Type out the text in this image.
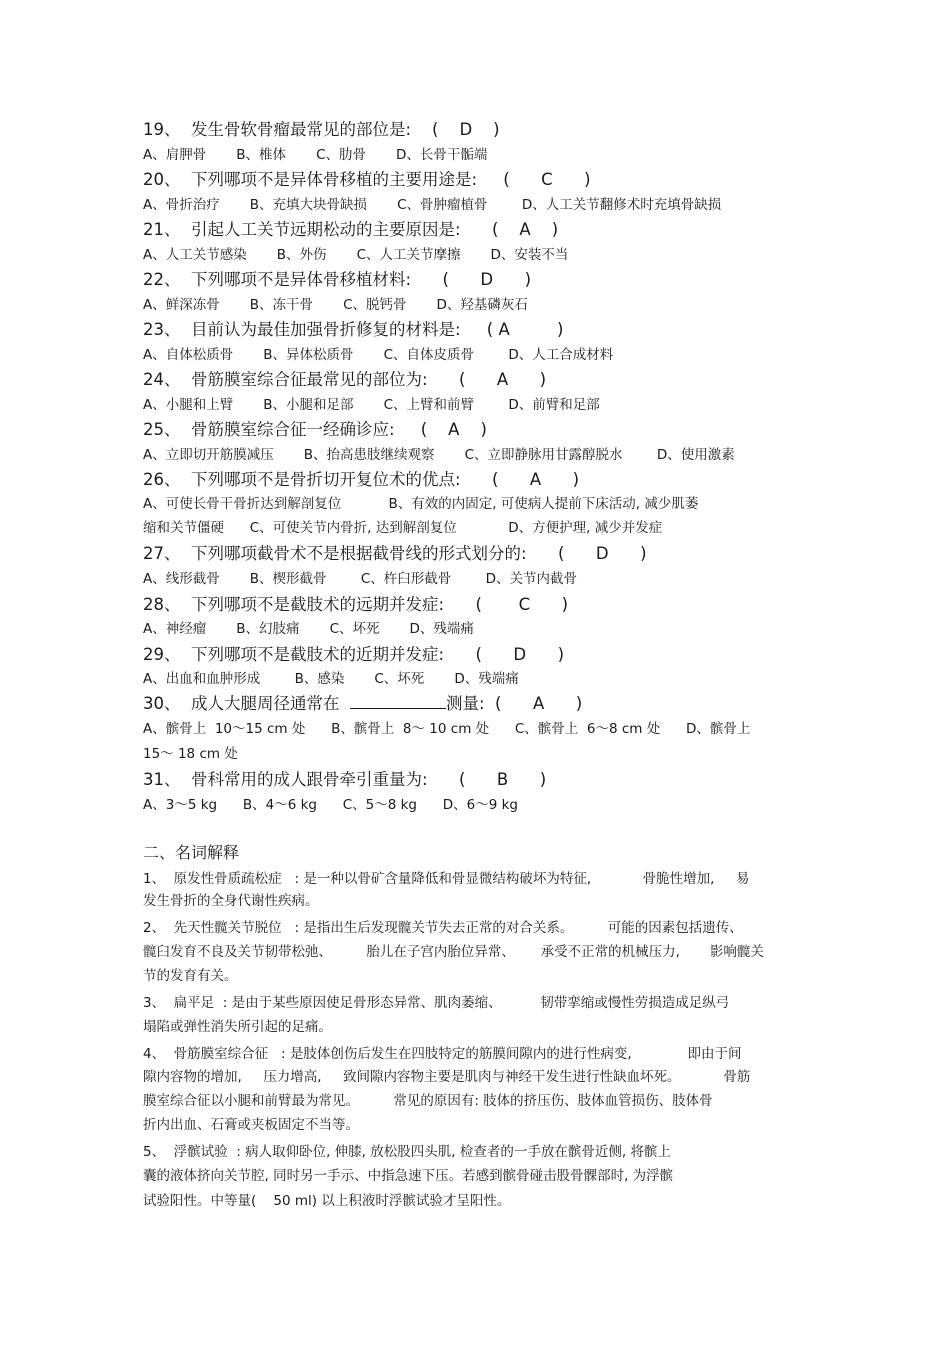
19、  发生骨软骨瘤最常见的部位是:    (    D    )
A、肩胛骨       B、椎体       C、肋骨       D、长骨干骺端
20、  下列哪项不是异体骨移植的主要用途是:     (      C      )
A、骨折治疗       B、充填大块骨缺损       C、骨肿瘤植骨        D、人工关节翻修术时充填骨缺损
21、  引起人工关节远期松动的主要原因是:      (    A    )
A、人工关节感染       B、外伤       C、人工关节摩擦       D、安装不当
22、  下列哪项不是异体骨移植材料:      (      D      )
A、鲜深冻骨       B、冻干骨       C、脱钙骨       D、羟基磷灰石
23、  目前认为最佳加强骨折修复的材料是:     ( A         )
A、自体松质骨       B、异体松质骨       C、自体皮质骨        D、人工合成材料
24、  骨筋膜室综合征最常见的部位为:      (      A      )
A、小腿和上臂       B、小腿和足部       C、上臂和前臂        D、前臂和足部
25、  骨筋膜室综合征一经确诊应:     (    A    )
A、立即切开筋膜减压       B、抬高患肢继续观察       C、立即静脉用甘露醇脱水        D、使用激素
26、  下列哪项不是骨折切开复位术的优点:      (      A      )
A、可使长骨干骨折达到解剖复位           B、有效的内固定, 可使病人提前下床活动, 减少肌萎
缩和关节僵硬      C、可使关节内骨折, 达到解剖复位            D、方便护理, 减少并发症
27、  下列哪项截骨术不是根据截骨线的形式划分的:      (      D      )
A、线形截骨       B、楔形截骨        C、杵臼形截骨        D、关节内截骨
28、  下列哪项不是截肢术的远期并发症:      (       C      )
A、神经瘤       B、幻肢痛       C、坏死       D、残端痛
29、  下列哪项不是截肢术的近期并发症:      (      D      )
A、出血和血肿形成        B、感染       C、坏死       D、残端痛
30、  成人大腿周径通常在	测量:  (      A      )
A、髌骨上  10～15 cm 处      B、髌骨上  8～ 10 cm 处      C、髌骨上  6～8 cm 处      D、髌骨上
15～ 18 cm 处
31、  骨科常用的成人跟骨牵引重量为:      (      B      )
A、3～5 kg      B、4～6 kg      C、5～8 kg      D、6～9 kg
二、名词解释
1、  原发性骨质疏松症   : 是一种以骨矿含量降低和骨显微结构破坏为特征,            骨脆性增加,     易
发生骨折的全身代谢性疾病。
2、  先天性髋关节脱位   : 是指出生后发现髋关节失去正常的对合关系。        可能的因素包括遗传、
髋臼发育不良及关节韧带松弛、        胎儿在子宫内胎位异常、      承受不正常的机械压力,       影响髋关
节的发育有关。
3、  扁平足  : 是由于某些原因使足骨形态异常、肌肉萎缩、         韧带挛缩或慢性劳损造成足纵弓
塌陷或弹性消失所引起的足痛。
4、  骨筋膜室综合征   : 是肢体创伤后发生在四肢特定的筋膜间隙内的进行性病变,             即由于间
隙内容物的增加,     压力增高,     致间隙内容物主要是肌肉与神经干发生进行性缺血坏死。          骨筋
膜室综合征以小腿和前臂最为常见。        常见的原因有: 肢体的挤压伤、肢体血管损伤、肢体骨
折内出血、石膏或夹板固定不当等。
5、  浮髌试验  : 病人取仰卧位, 伸膝, 放松股四头肌, 检查者的一手放在髌骨近侧, 将髌上
囊的液体挤向关节腔, 同时另一手示、中指急速下压。若感到髌骨碰击股骨髁部时, 为浮髌
试验阳性。中等量(    50 ml) 以上积液时浮髌试验才呈阳性。
